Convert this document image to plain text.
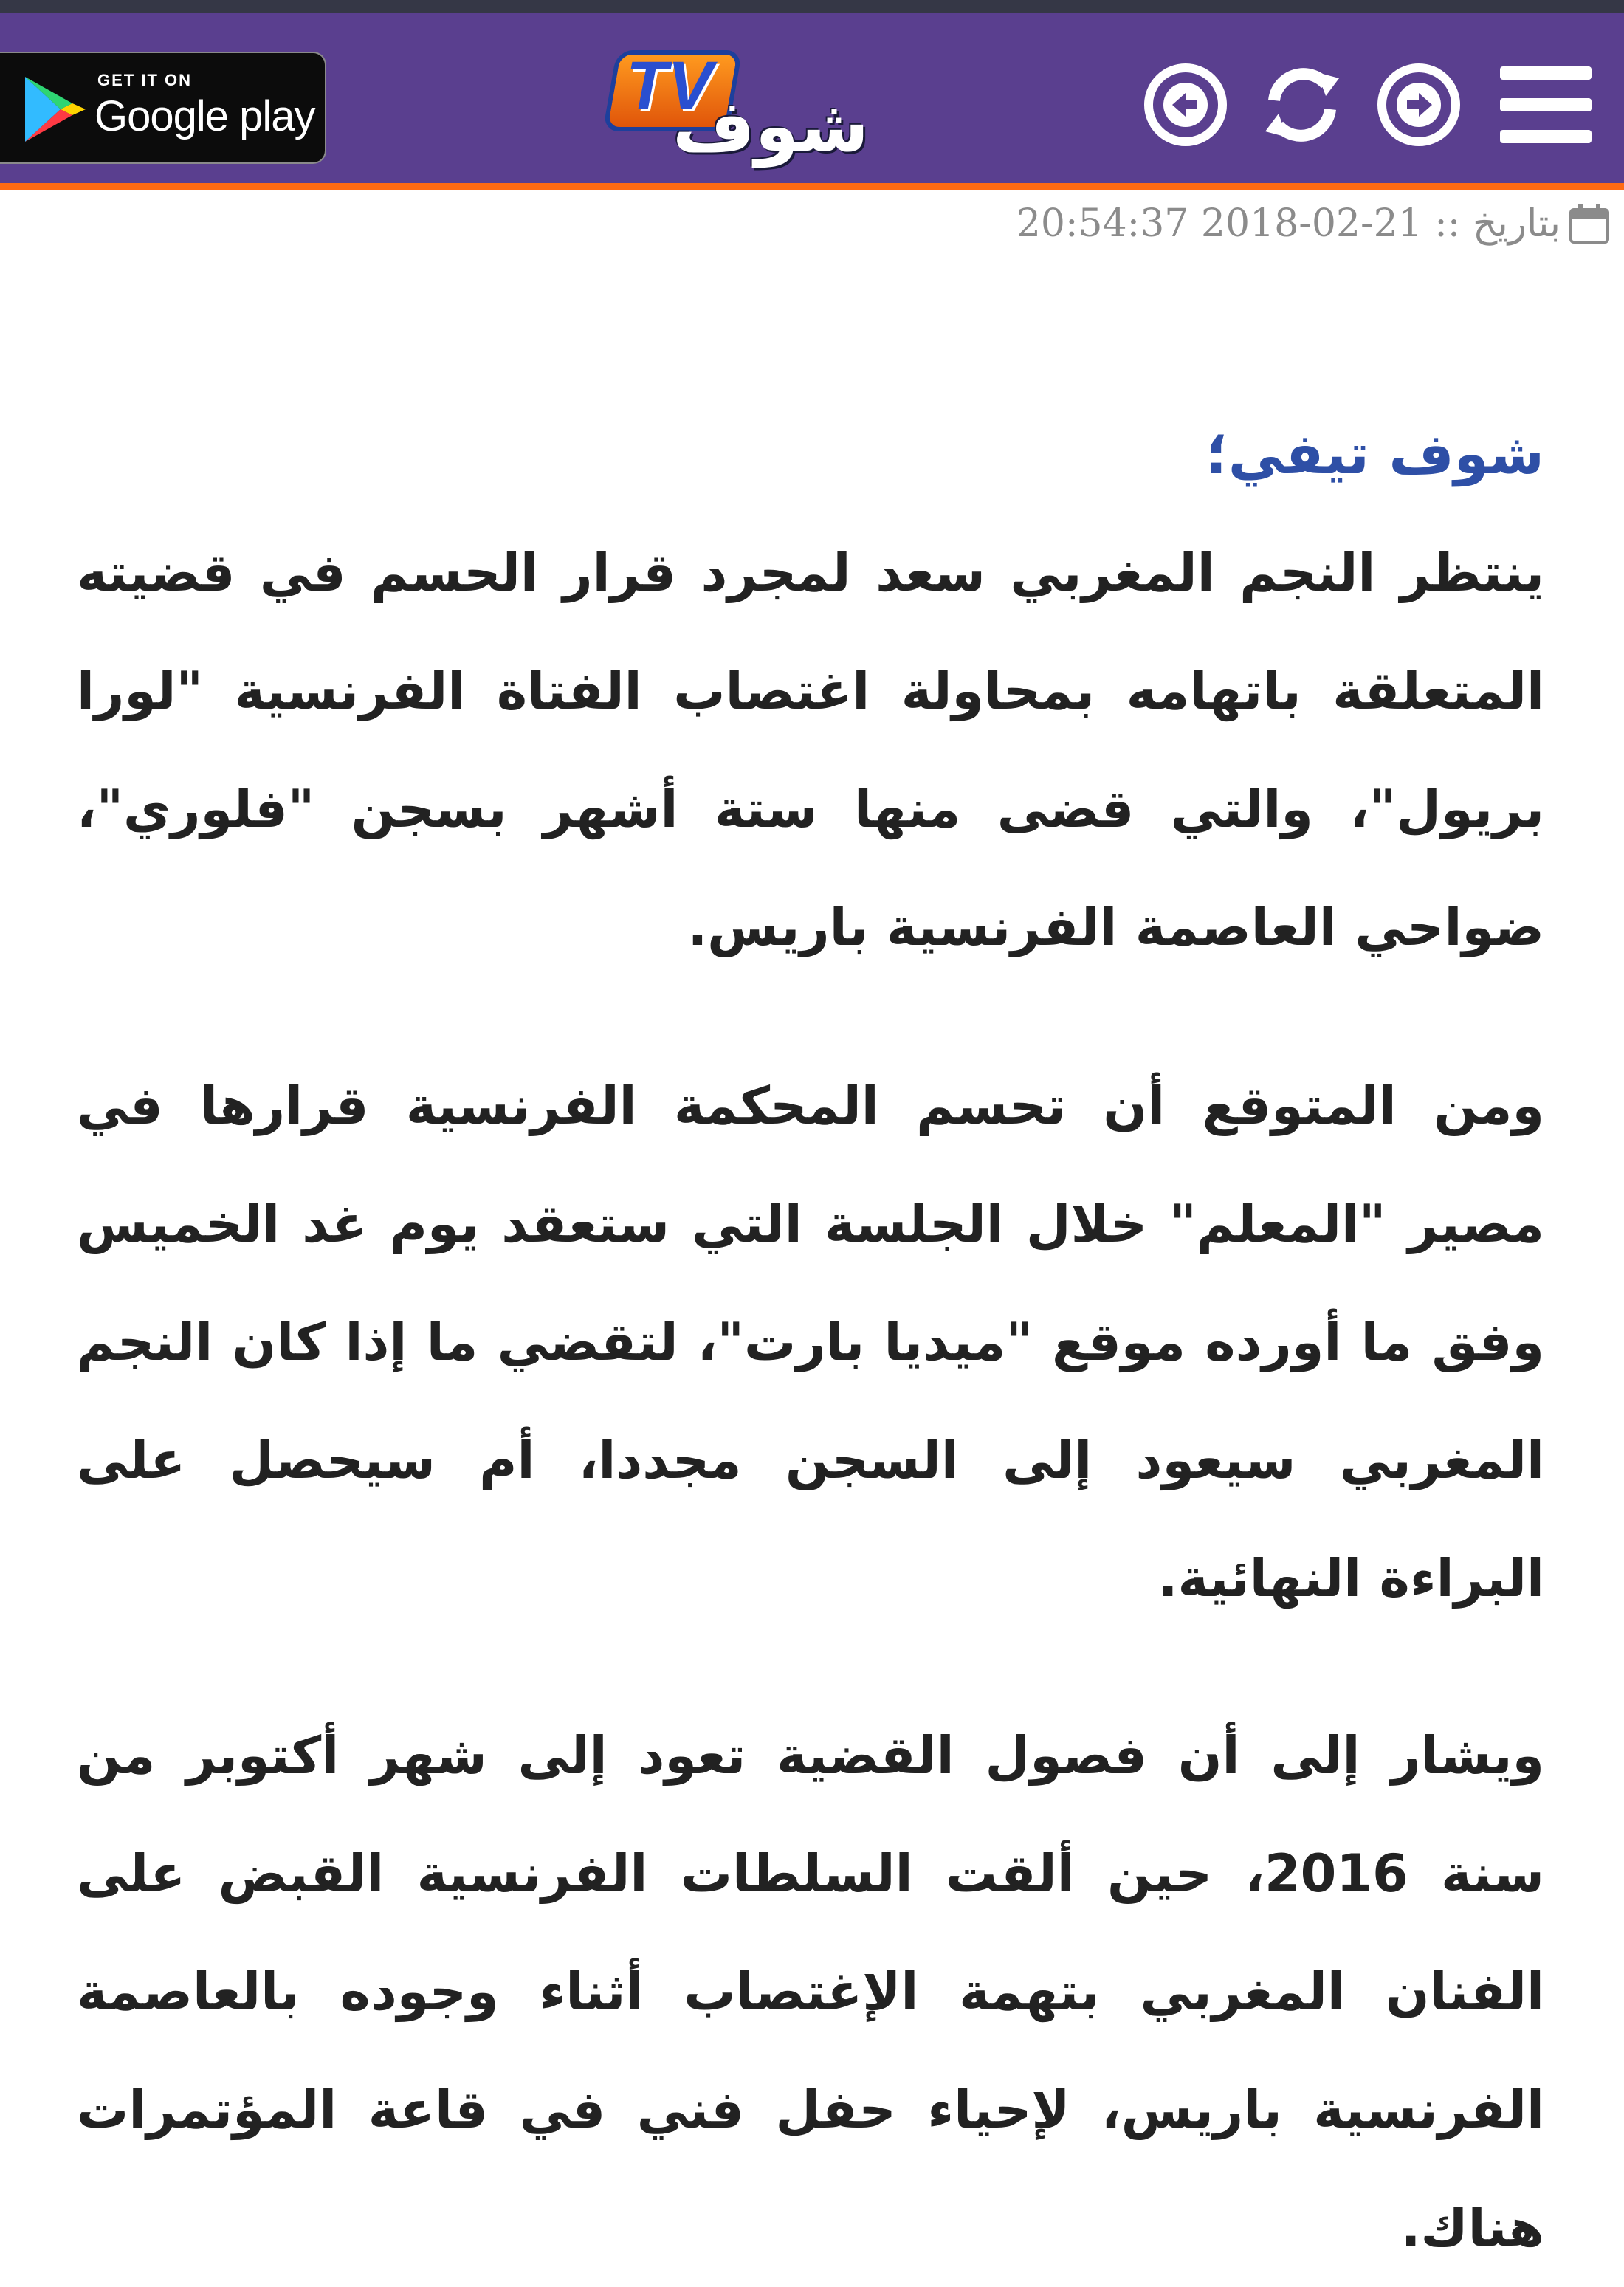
GET IT ON
Google play	TV
شوف
بتاريخ :: 21-02-2018 20:54:37
شوف تيفي؛

ينتظر النجم المغربي سعد لمجرد قرار الحسم في قضيته المتعلقة باتهامه بمحاولة اغتصاب الفتاة الفرنسية "لورا بريول"، والتي قضى منها ستة أشهر بسجن "فلوري"، ضواحي العاصمة الفرنسية باريس.

ومن المتوقع أن تحسم المحكمة الفرنسية قرارها في مصير "المعلم" خلال الجلسة التي ستعقد يوم غد الخميس وفق ما أورده موقع "ميديا بارت"، لتقضي ما إذا كان النجم المغربي سيعود إلى السجن مجددا، أم سيحصل على البراءة النهائية.

ويشار إلى أن فصول القضية تعود إلى شهر أكتوبر من سنة 2016، حين ألقت السلطات الفرنسية القبض على الفنان المغربي بتهمة الإغتصاب أثناء وجوده بالعاصمة الفرنسية باريس، لإحياء حفل فني في قاعة المؤتمرات هناك.
